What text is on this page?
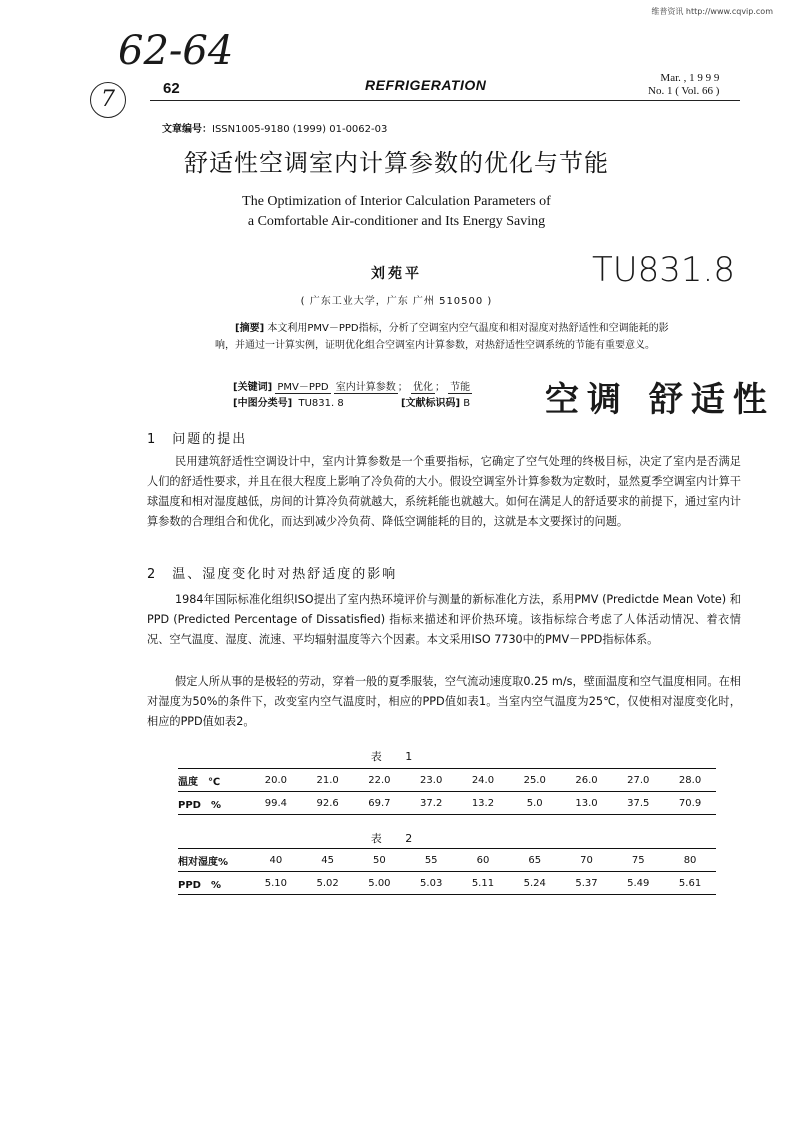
维普资讯 http://www.cqvip.com
62-64
7
TU831.8
空调 舒适性
62	REFRIGERATION	Mar. , 1 9 9 9
No. 1 ( Vol. 66 )
文章编号：ISSN1005-9180 (1999) 01-0062-03
舒适性空调室内计算参数的优化与节能
The Optimization of Interior Calculation Parameters of
a Comfortable Air-conditioner and Its Energy Saving
刘苑平
( 广东工业大学，广东 广州 510500 )
[摘要] 本文利用PMV－PPD指标，分析了空调室内空气温度和相对湿度对热舒适性和空调能耗的影响，并通过一计算实例，证明优化组合空调室内计算参数，对热舒适性空调系统的节能有重要意义。
[关键词] PMV－PPD 室内计算参数 ； 优化 ； 节能
[中图分类号] TU831. 8	[文献标识码] B
1　问题的提出
民用建筑舒适性空调设计中，室内计算参数是一个重要指标，它确定了空气处理的终极目标，决定了室内是否满足人们的舒适性要求，并且在很大程度上影响了冷负荷的大小。假设空调室外计算参数为定数时，显然夏季空调室内计算干球温度和相对湿度越低，房间的计算冷负荷就越大，系统耗能也就越大。如何在满足人的舒适要求的前提下，通过室内计算参数的合理组合和优化，而达到减少冷负荷、降低空调能耗的目的，这就是本文要探讨的问题。
2　温、湿度变化时对热舒适度的影响
1984年国际标准化组织ISO提出了室内热环境评价与测量的新标准化方法，系用PMV (Predictde Mean Vote) 和PPD (Predicted Percentage of Dissatisfied) 指标来描述和评价热环境。该指标综合考虑了人体活动情况、着衣情况、空气温度、湿度、流速、平均辐射温度等六个因素。本文采用ISO 7730中的PMV－PPD指标体系。
假定人所从事的是极轻的劳动，穿着一般的夏季服装，空气流动速度取0.25 m/s，壁面温度和空气温度相同。在相对湿度为50%的条件下，改变室内空气温度时，相应的PPD值如表1。当室内空气温度为25℃，仅使相对湿度变化时，相应的PPD值如表2。
表 1
温度　℃	20.0	21.0	22.0	23.0	24.0	25.0	26.0	27.0	28.0
PPD　%	99.4	92.6	69.7	37.2	13.2	5.0	13.0	37.5	70.9
表 2
相对湿度%	40	45	50	55	60	65	70	75	80
PPD　%	5.10	5.02	5.00	5.03	5.11	5.24	5.37	5.49	5.61
